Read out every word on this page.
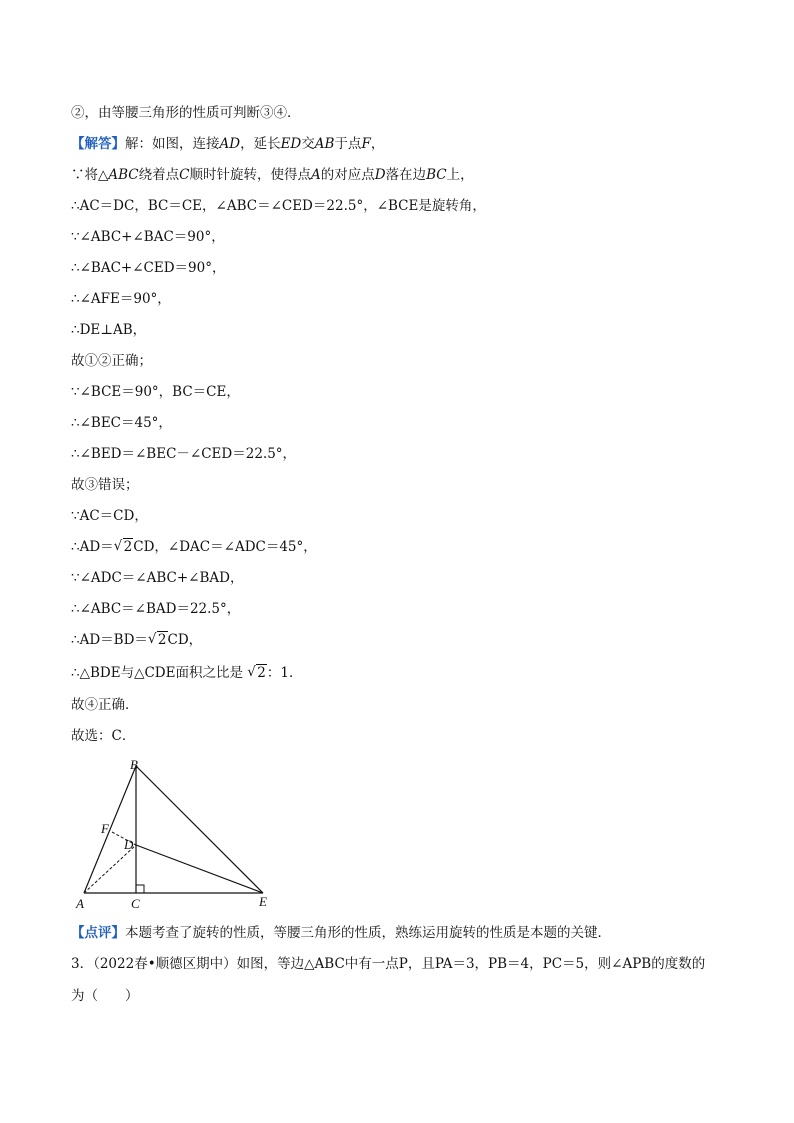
②，由等腰三角形的性质可判断③④．
【解答】解：如图，连接AD，延长ED交AB于点F，
∵将△ABC绕着点C顺时针旋转，使得点A的对应点D落在边BC上，
∴AC＝DC，BC＝CE，∠ABC＝∠CED＝22.5°，∠BCE是旋转角，
∵∠ABC+∠BAC＝90°，
∴∠BAC+∠CED＝90°，
∴∠AFE＝90°，
∴DE⊥AB，
故①②正确；
∵∠BCE＝90°，BC＝CE，
∴∠BEC＝45°，
∴∠BED＝∠BEC－∠CED＝22.5°，
故③错误；
∵AC＝CD，
∴AD＝ √ 2CD，∠DAC＝∠ADC＝45°，
∵∠ADC＝∠ABC+∠BAD，
∴∠ABC＝∠BAD＝22.5°，
∴AD＝BD＝ √ 2CD，
∴△BDE与△CDE面积之比是 √ 2：1．
故④正确．
故选：C．
B
F
D
A	C	E
【点评】本题考查了旋转的性质，等腰三角形的性质，熟练运用旋转的性质是本题的关键．
3．（2022春•顺德区期中）如图，等边△ABC中有一点P，且PA＝3，PB＝4，PC＝5，则∠APB的度数的
为（　　）
